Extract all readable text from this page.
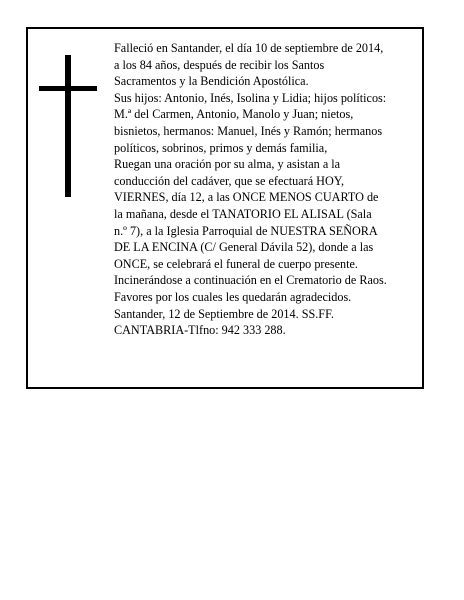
Falleció en Santander, el día 10 de septiembre de 2014,
a los 84 años, después de recibir los Santos
Sacramentos y la Bendición Apostólica.
Sus hijos: Antonio, Inés, Isolina y Lidia; hijos políticos:
M.ª del Carmen, Antonio, Manolo y Juan; nietos,
bisnietos, hermanos: Manuel, Inés y Ramón; hermanos
políticos, sobrinos, primos y demás familia,
Ruegan una oración por su alma, y asistan a la
conducción del cadáver, que se efectuará HOY,
VIERNES, día 12, a las ONCE MENOS CUARTO de
la mañana, desde el TANATORIO EL ALISAL (Sala
n.º 7), a la Iglesia Parroquial de NUESTRA SEÑORA
DE LA ENCINA (C/ General Dávila 52), donde a las
ONCE, se celebrará el funeral de cuerpo presente.
Incinerándose a continuación en el Crematorio de Raos.
Favores por los cuales les quedarán agradecidos.
Santander, 12 de Septiembre de 2014. SS.FF.
CANTABRIA-Tlfno: 942 333 288.
